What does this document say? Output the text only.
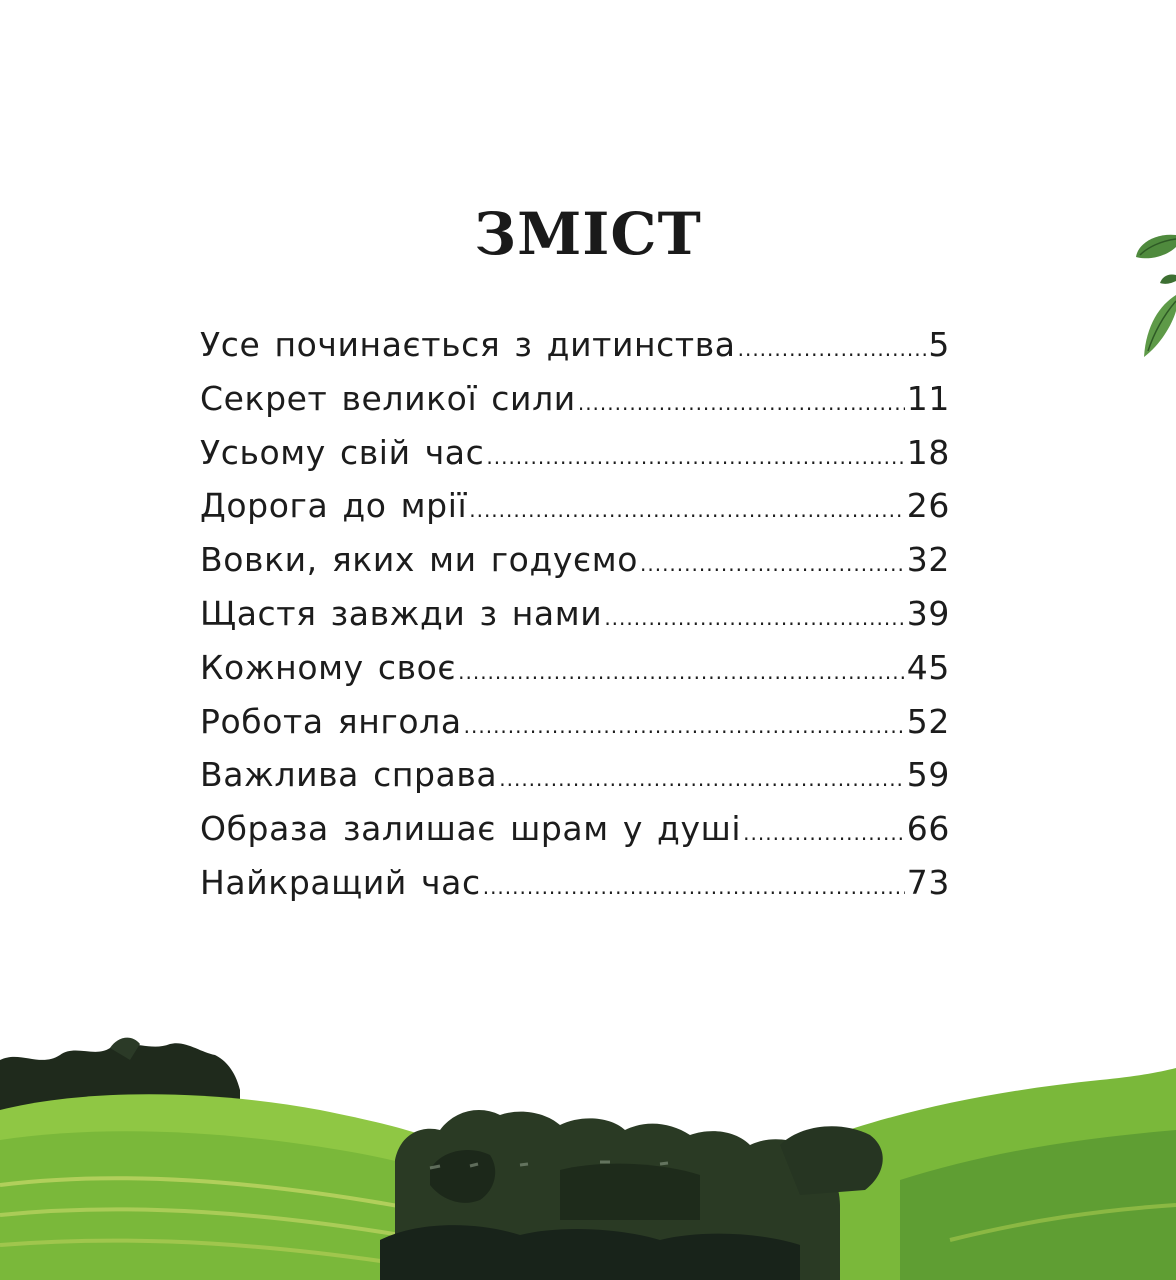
ЗМІСТ
Усе починається з дитинства .....	5
Секрет великої сили .....	11
Усьому свій час .....	18
Дорога до мрії .....	26
Вовки, яких ми годуємо .....	32
Щастя завжди з нами .....	39
Кожному своє .....	45
Робота янгола .....	52
Важлива справа .....	59
Образа залишає шрам у душі .....	66
Найкращий час .....	73
